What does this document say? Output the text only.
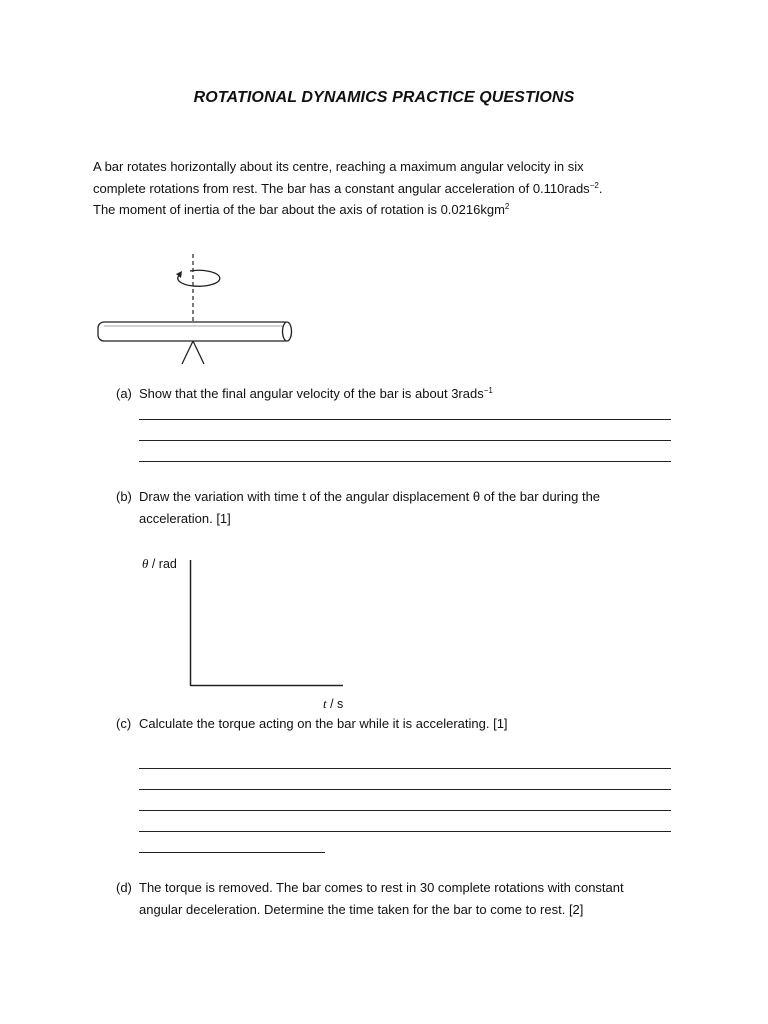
ROTATIONAL DYNAMICS PRACTICE QUESTIONS
A bar rotates horizontally about its centre, reaching a maximum angular velocity in six
complete rotations from rest. The bar has a constant angular acceleration of 0.110rads$^{-2}$.
The moment of inertia of the bar about the axis of rotation is 0.0216kgm$^2$
(a) Show that the final angular velocity of the bar is about 3rads$^{-1}$
(b) Draw the variation with time t of the angular displacement θ of the bar during the
acceleration. [1]
θ / rad
t / s
(c) Calculate the torque acting on the bar while it is accelerating. [1]
(d) The torque is removed. The bar comes to rest in 30 complete rotations with constant
angular deceleration. Determine the time taken for the bar to come to rest. [2]
